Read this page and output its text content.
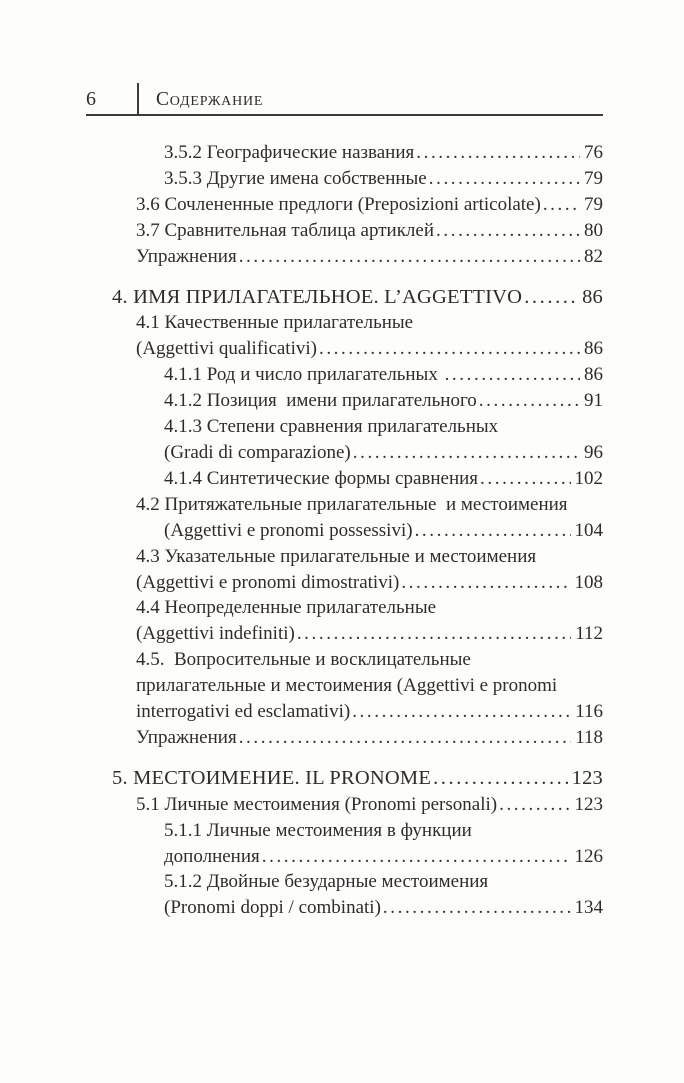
6	Содержание
3.5.2 Географические названия .....	76
3.5.3 Другие имена собственные .....	79
3.6 Сочлененные предлоги (Preposizioni articolate) ..... 79
3.7 Сравнительная таблица артиклей .....	80
Упражнения .....	82
4. ИМЯ ПРИЛАГАТЕЛЬНОЕ. L’AGGETTIVO .....	86
4.1 Качественные прилагательные
(Aggettivi qualificativi) .....	86
4.1.1 Род и число прилагательных .....	86
4.1.2 Позиция  имени прилагательного .....	91
4.1.3 Степени сравнения прилагательных
(Gradi di comparazione) .....	96
4.1.4 Синтетические формы сравнения .....	102
4.2 Притяжательные прилагательные  и местоимения
(Aggettivi e pronomi possessivi) .....	104
4.3 Указательные прилагательные и местоимения
(Aggettivi e pronomi dimostrativi) .....	108
4.4 Неопределенные прилагательные
(Aggettivi indefiniti) .....	112
4.5.  Вопросительные и восклицательные
прилагательные и местоимения (Aggettivi e pronomi
interrogativi ed esclamativi) .....	116
Упражнения .....	118
5. МЕСТОИМЕНИЕ. IL PRONOME .....	123
5.1 Личные местоимения (Pronomi personali) .....	123
5.1.1 Личные местоимения в функции
дополнения .....	126
5.1.2 Двойные безударные местоимения
(Pronomi doppi / combinati) .....	134
